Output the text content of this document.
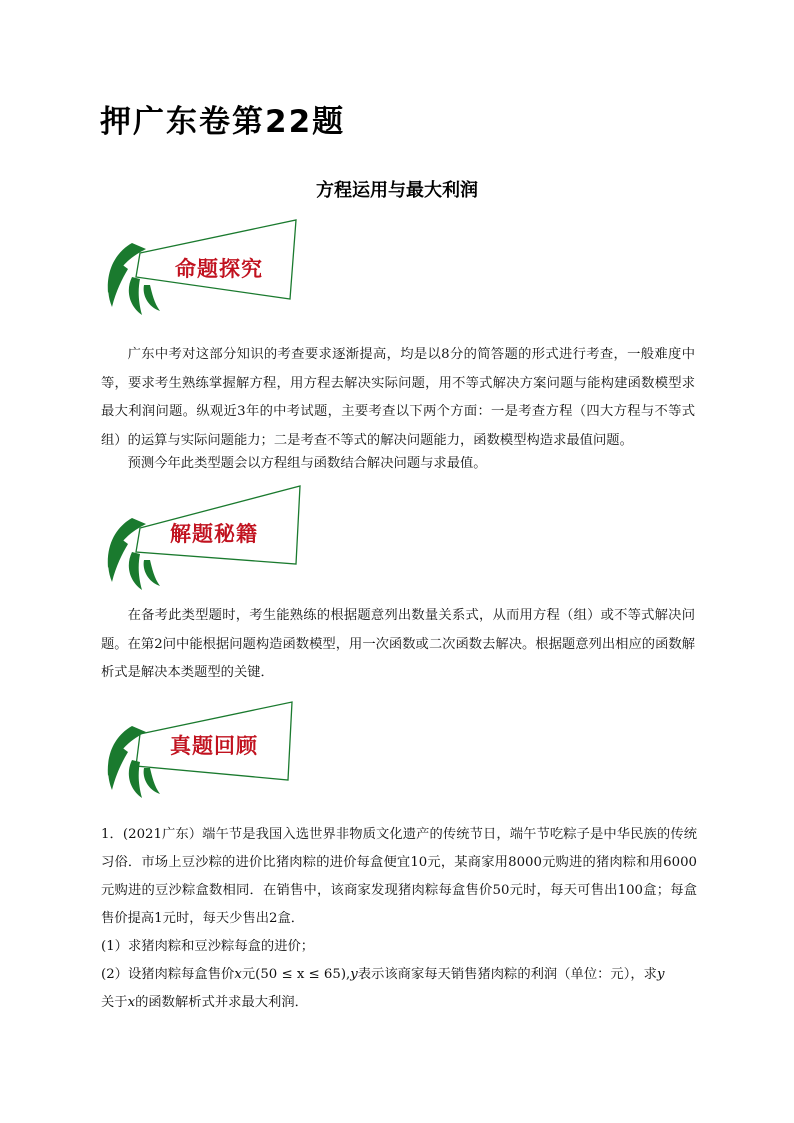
押广东卷第22题
方程运用与最大利润
命题探究

广东中考对这部分知识的考查要求逐渐提高，均是以8分的简答题的形式进行考查，一般难度中等，要求考生熟练掌握解方程，用方程去解决实际问题，用不等式解决方案问题与能构建函数模型求最大利润问题。纵观近3年的中考试题，主要考查以下两个方面：一是考查方程（四大方程与不等式组）的运算与实际问题能力；二是考查不等式的解决问题能力，函数模型构造求最值问题。

预测今年此类型题会以方程组与函数结合解决问题与求最值。

解题秘籍

在备考此类型题时，考生能熟练的根据题意列出数量关系式，从而用方程（组）或不等式解决问题。在第2问中能根据问题构造函数模型，用一次函数或二次函数去解决。根据题意列出相应的函数解析式是解决本类题型的关键．

真题回顾

1．(2021广东）端午节是我国入选世界非物质文化遗产的传统节日，端午节吃粽子是中华民族的传统习俗．市场上豆沙粽的进价比猪肉粽的进价每盒便宜10元，某商家用8000元购进的猪肉粽和用6000元购进的豆沙粽盒数相同．在销售中，该商家发现猪肉粽每盒售价50元时，每天可售出100盒；每盒售价提高1元时，每天少售出2盒．

(1）求猪肉粽和豆沙粽每盒的进价；

(2）设猪肉粽每盒售价x元(50 ≤ x ≤ 65),y表示该商家每天销售猪肉粽的利润（单位：元），求y
关于x的函数解析式并求最大利润．
